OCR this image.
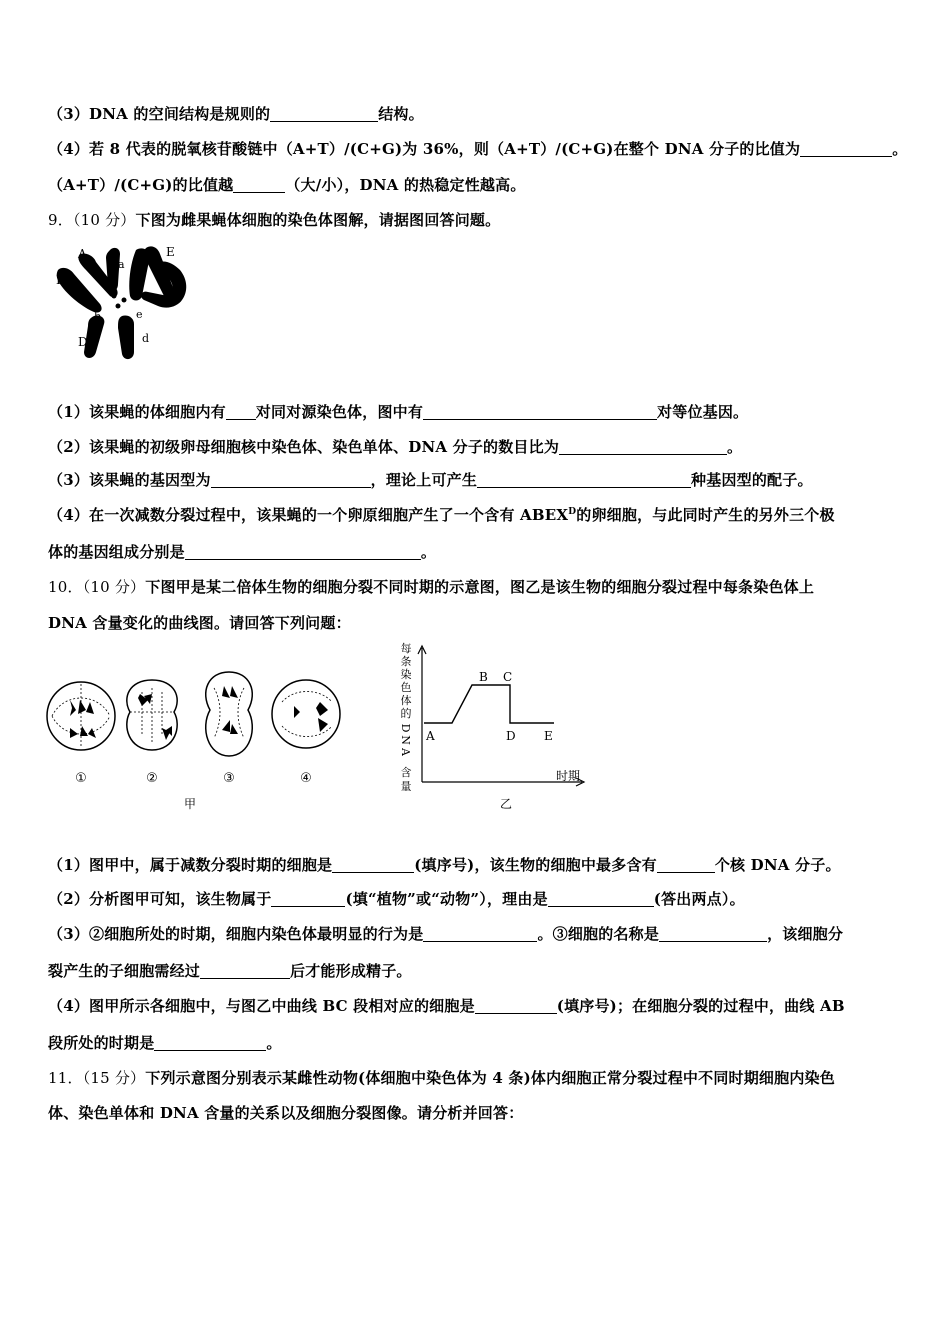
（3）DNA 的空间结构是规则的	结构。
（4）若 8 代表的脱氧核苷酸链中（A+T）/(C+G)为 36%，则（A+T）/(C+G)在整个 DNA 分子的比值为	。
（A+T）/(C+G)的比值越	（大/小），DNA 的热稳定性越高。
9．（10 分）下图为雌果蝇体细胞的染色体图解，请据图回答问题。
A
a
B
E
b	e
D	d
（1）该果蝇的体细胞内有 对同对源染色体，图中有	对等位基因。
（2）该果蝇的初级卵母细胞核中染色体、染色单体、DNA 分子的数目比为	。
（3）该果蝇的基因型为	，理论上可产生	种基因型的配子。
（4）在一次减数分裂过程中，该果蝇的一个卵原细胞产生了一个含有 $ABEX^D$的卵细胞，与此同时产生的另外三个极
体的基因组成分别是	。
10．（10 分）下图甲是某二倍体生物的细胞分裂不同时期的示意图，图乙是该生物的细胞分裂过程中每条染色体上
DNA 含量变化的曲线图。请回答下列问题：
①	②	③	④
甲
每
条
染
色
体
的
D
N
A
含
量
A
B C
D E
时期
乙
（1）图甲中，属于减数分裂时期的细胞是	(填序号)，该生物的细胞中最多含有	个核 DNA 分子。
（2）分析图甲可知，该生物属于	(填“植物”或“动物”），理由是	(答出两点）。
（3）②细胞所处的时期，细胞内染色体最明显的行为是	。③细胞的名称是	，该细胞分
裂产生的子细胞需经过	后才能形成精子。
（4）图甲所示各细胞中，与图乙中曲线 BC 段相对应的细胞是	(填序号)；在细胞分裂的过程中，曲线 AB
段所处的时期是	。
11．（15 分）下列示意图分别表示某雌性动物(体细胞中染色体为 4 条)体内细胞正常分裂过程中不同时期细胞内染色
体、染色单体和 DNA 含量的关系以及细胞分裂图像。请分析并回答：
